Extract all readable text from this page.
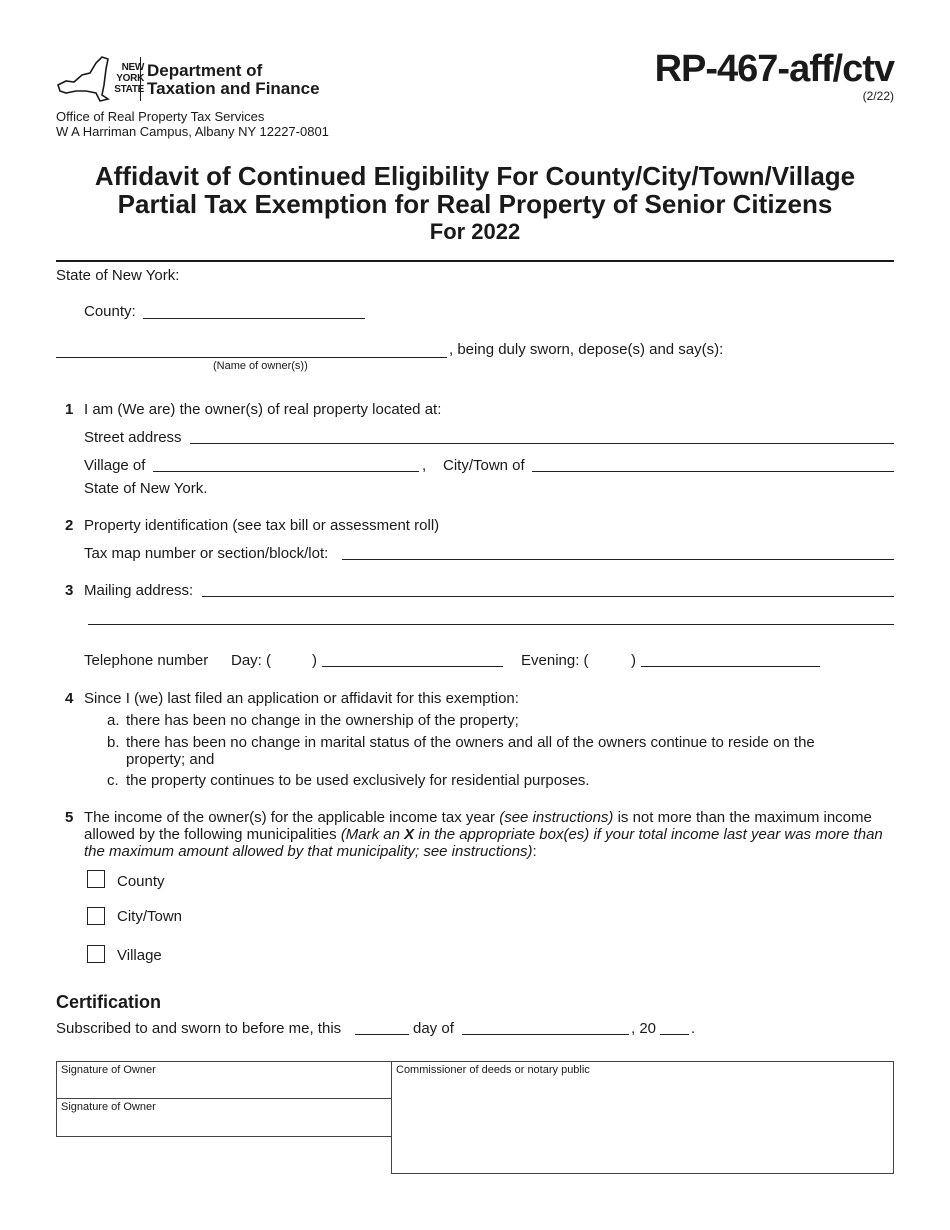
NEW
YORK
STATE
Department of
Taxation and Finance
Office of Real Property Tax Services
W A Harriman Campus, Albany NY 12227-0801
RP-467-aff/ctv
(2/22)
Affidavit of Continued Eligibility For County/City/Town/Village
Partial Tax Exemption for Real Property of Senior Citizens
For 2022
State of New York:
County:
, being duly sworn, depose(s) and say(s):
(Name of owner(s))
1 I am (We are) the owner(s) of real property located at:
Street address
Village of	, City/Town of
State of New York.
2 Property identification (see tax bill or assessment roll)
Tax map number or section/block/lot:
3 Mailing address:
Telephone number Day: (	)	Evening: (	)
4 Since I (we) last filed an application or affidavit for this exemption:
a. there has been no change in the ownership of the property;
b. there has been no change in marital status of the owners and all of the owners continue to reside on the property; and
c. the property continues to be used exclusively for residential purposes.
5 The income of the owner(s) for the applicable income tax year (see instructions) is not more than the maximum income allowed by the following municipalities (Mark an X in the appropriate box(es) if your total income last year was more than the maximum amount allowed by that municipality; see instructions):
County
City/Town
Village
Certification
Subscribed to and sworn to before me, this	day of	, 20 .
Signature of Owner
Signature of Owner
Commissioner of deeds or notary public
